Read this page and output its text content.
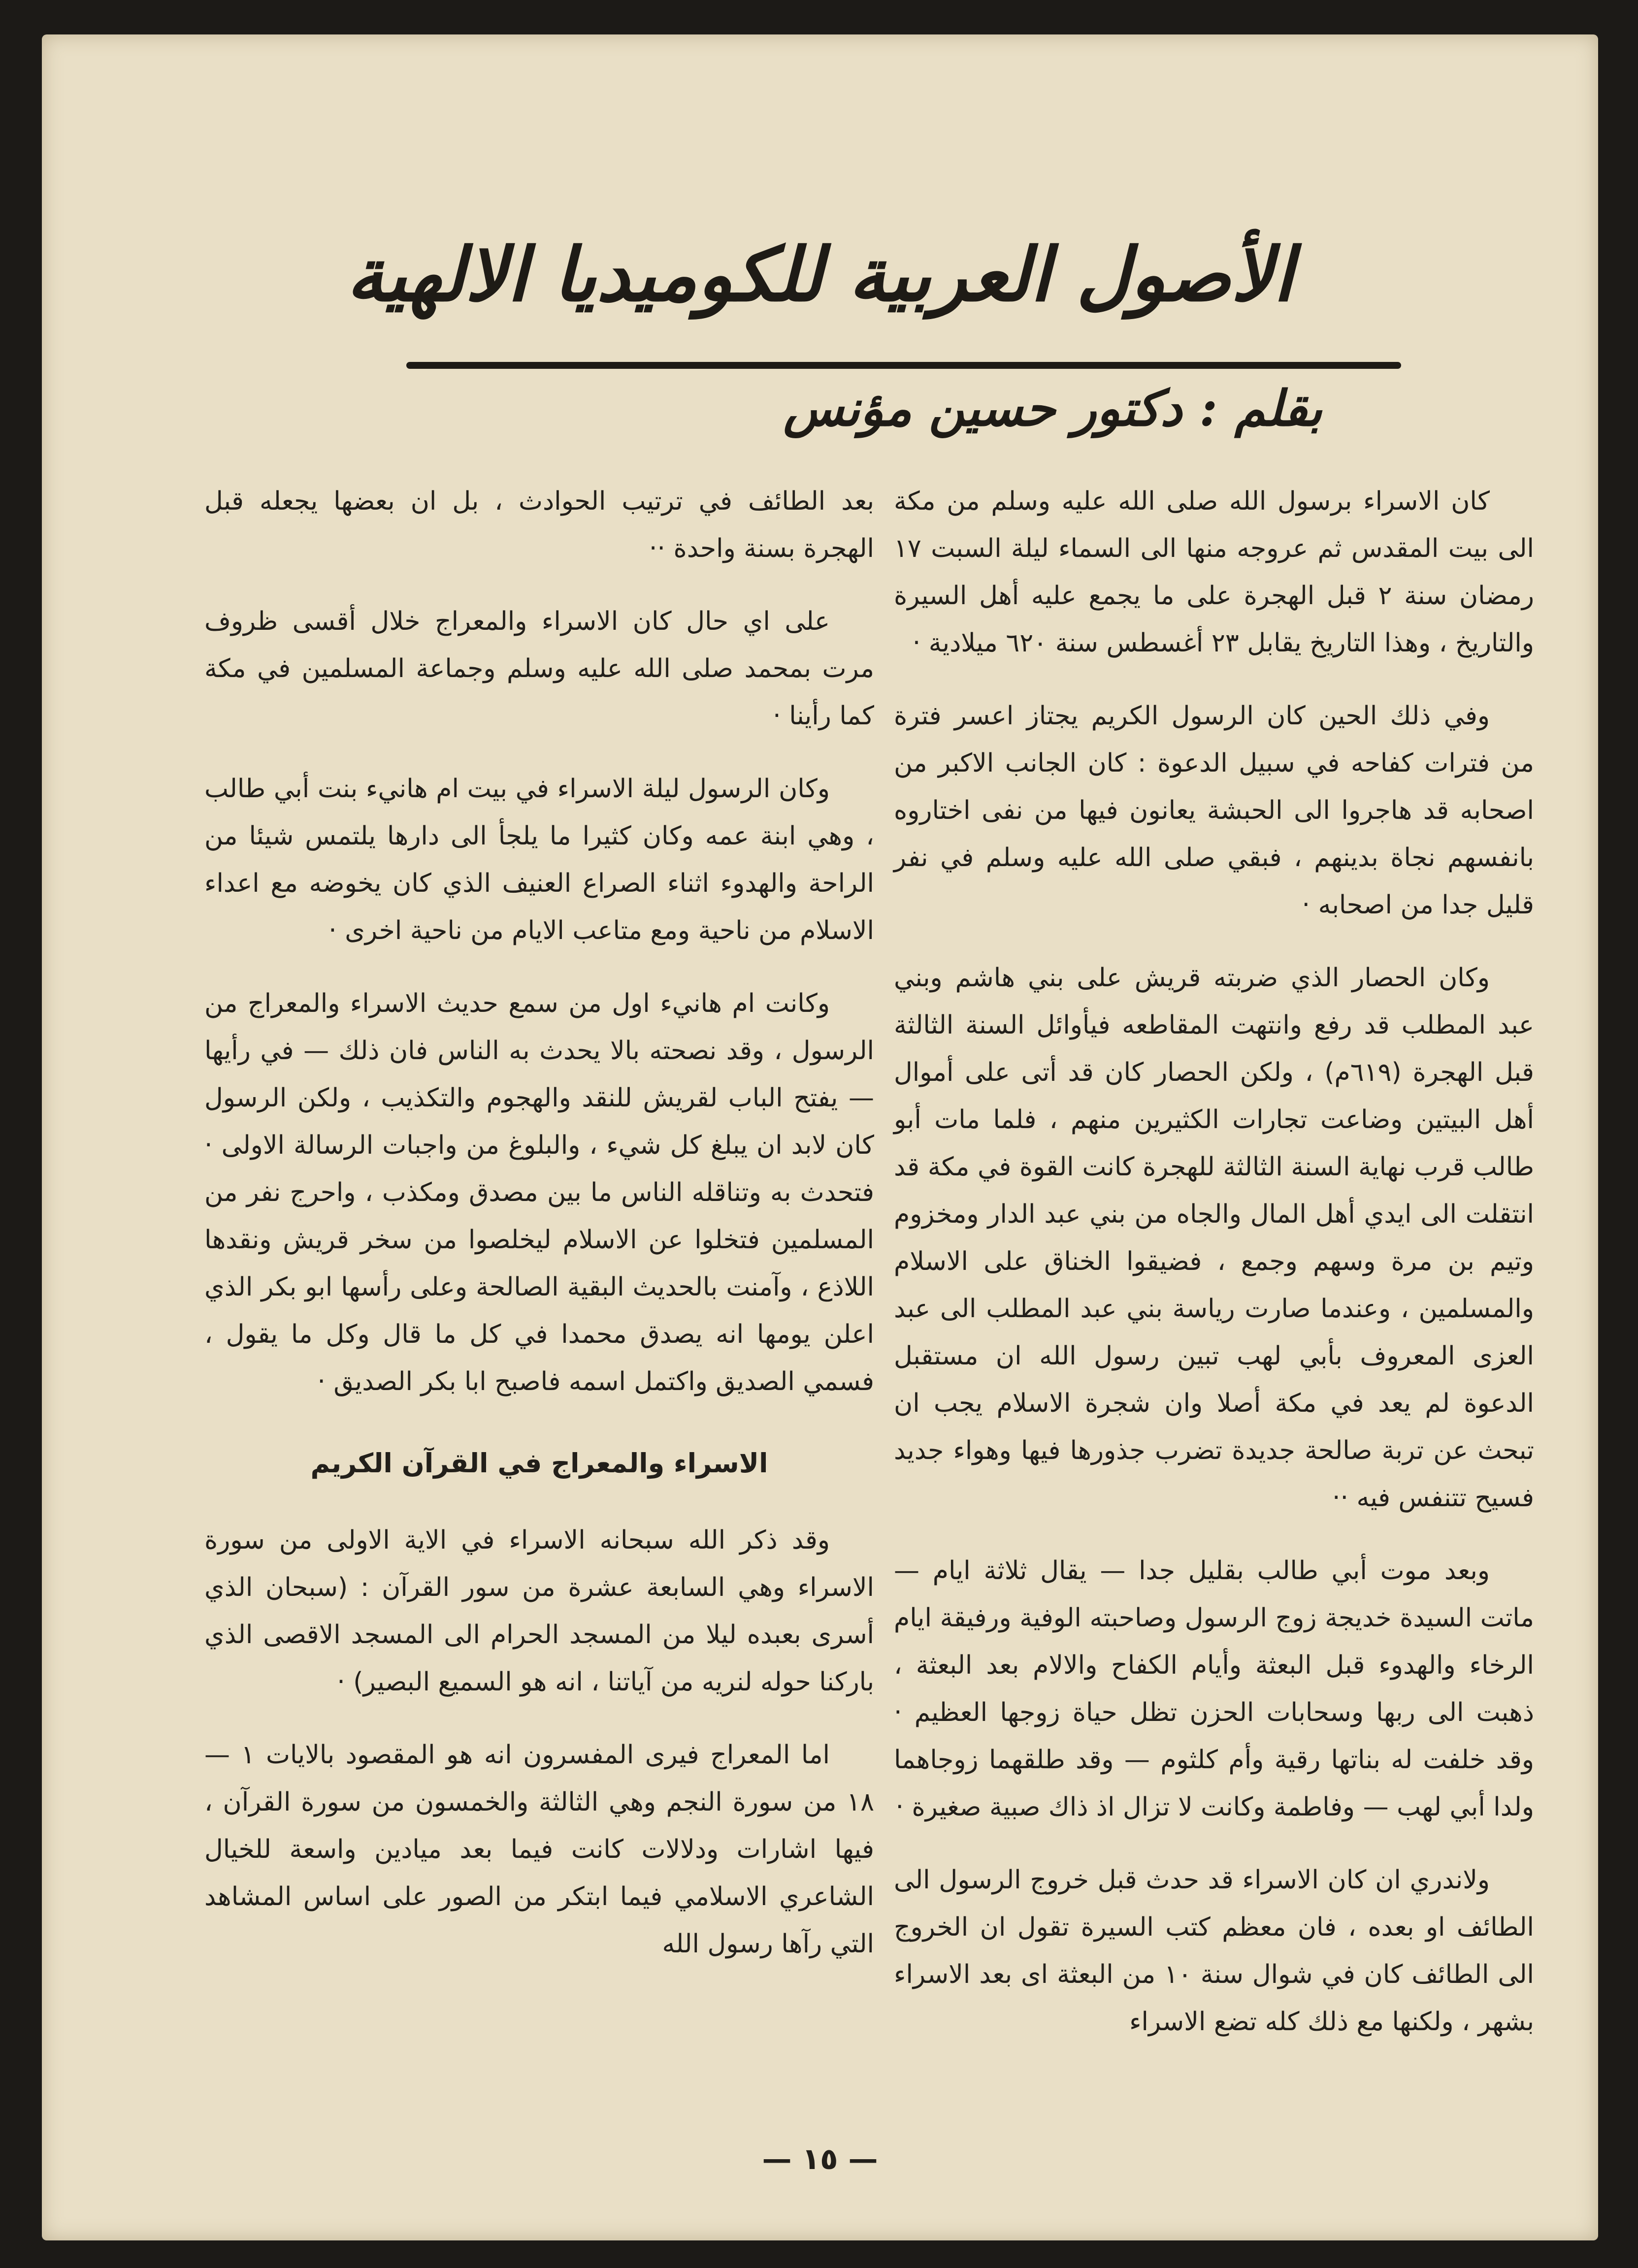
الأصول العربية للكوميديا الالهية
بقلم : دكتور حسين مؤنس

كان الاسراء برسول الله صلى الله عليه وسلم من مكة الى بيت المقدس ثم عروجه منها الى السماء ليلة السبت ١٧ رمضان سنة ٢ قبل الهجرة على ما يجمع عليه أهل السيرة والتاريخ ، وهذا التاريخ يقابل ٢٣ أغسطس سنة ٦٢٠ ميلادية ·

وفي ذلك الحين كان الرسول الكريم يجتاز اعسر فترة من فترات كفاحه في سبيل الدعوة : كان الجانب الاكبر من اصحابه قد هاجروا الى الحبشة يعانون فيها من نفى اختاروه بانفسهم نجاة بدينهم ، فبقي صلى الله عليه وسلم في نفر قليل جدا من اصحابه ·

وكان الحصار الذي ضربته قريش على بني هاشم وبني عبد المطلب قد رفع وانتهت المقاطعه فيأوائل السنة الثالثة قبل الهجرة (٦١٩م) ، ولكن الحصار كان قد أتى على أموال أهل البيتين وضاعت تجارات الكثيرين منهم ، فلما مات أبو طالب قرب نهاية السنة الثالثة للهجرة كانت القوة في مكة قد انتقلت الى ايدي أهل المال والجاه من بني عبد الدار ومخزوم وتيم بن مرة وسهم وجمع ، فضيقوا الخناق على الاسلام والمسلمين ، وعندما صارت رياسة بني عبد المطلب الى عبد العزى المعروف بأبي لهب تبين رسول الله ان مستقبل الدعوة لم يعد في مكة أصلا وان شجرة الاسلام يجب ان تبحث عن تربة صالحة جديدة تضرب جذورها فيها وهواء جديد فسيح تتنفس فيه ··

وبعد موت أبي طالب بقليل جدا — يقال ثلاثة ايام — ماتت السيدة خديجة زوج الرسول وصاحبته الوفية ورفيقة ايام الرخاء والهدوء قبل البعثة وأيام الكفاح والالام بعد البعثة ، ذهبت الى ربها وسحابات الحزن تظل حياة زوجها العظيم · وقد خلفت له بناتها رقية وأم كلثوم — وقد طلقهما زوجاهما ولدا أبي لهب — وفاطمة وكانت لا تزال اذ ذاك صبية صغيرة ·

ولاندري ان كان الاسراء قد حدث قبل خروج الرسول الى الطائف او بعده ، فان معظم كتب السيرة تقول ان الخروج الى الطائف كان في شوال سنة ١٠ من البعثة اى بعد الاسراء بشهر ، ولكنها مع ذلك كله تضع الاسراء

بعد الطائف في ترتيب الحوادث ، بل ان بعضها يجعله قبل الهجرة بسنة واحدة ··

على اي حال كان الاسراء والمعراج خلال أقسى ظروف مرت بمحمد صلى الله عليه وسلم وجماعة المسلمين في مكة كما رأينا ·

وكان الرسول ليلة الاسراء في بيت ام هانيء بنت أبي طالب ، وهي ابنة عمه وكان كثيرا ما يلجأ الى دارها يلتمس شيئا من الراحة والهدوء اثناء الصراع العنيف الذي كان يخوضه مع اعداء الاسلام من ناحية ومع متاعب الايام من ناحية اخرى ·

وكانت ام هانيء اول من سمع حديث الاسراء والمعراج من الرسول ، وقد نصحته بالا يحدث به الناس فان ذلك — في رأيها — يفتح الباب لقريش للنقد والهجوم والتكذيب ، ولكن الرسول كان لابد ان يبلغ كل شيء ، والبلوغ من واجبات الرسالة الاولى · فتحدث به وتناقله الناس ما بين مصدق ومكذب ، واحرج نفر من المسلمين فتخلوا عن الاسلام ليخلصوا من سخر قريش ونقدها اللاذع ، وآمنت بالحديث البقية الصالحة وعلى رأسها ابو بكر الذي اعلن يومها انه يصدق محمدا في كل ما قال وكل ما يقول ، فسمي الصديق واكتمل اسمه فاصبح ابا بكر الصديق ·

الاسراء والمعراج في القرآن الكريم

وقد ذكر الله سبحانه الاسراء في الاية الاولى من سورة الاسراء وهي السابعة عشرة من سور القرآن : (سبحان الذي أسرى بعبده ليلا من المسجد الحرام الى المسجد الاقصى الذي باركنا حوله لنريه من آياتنا ، انه هو السميع البصير) ·

اما المعراج فيرى المفسرون انه هو المقصود بالايات ١ — ١٨ من سورة النجم وهي الثالثة والخمسون من سورة القرآن ، فيها اشارات ودلالات كانت فيما بعد ميادين واسعة للخيال الشاعري الاسلامي فيما ابتكر من الصور على اساس المشاهد التي رآها رسول الله

— ١٥ —
